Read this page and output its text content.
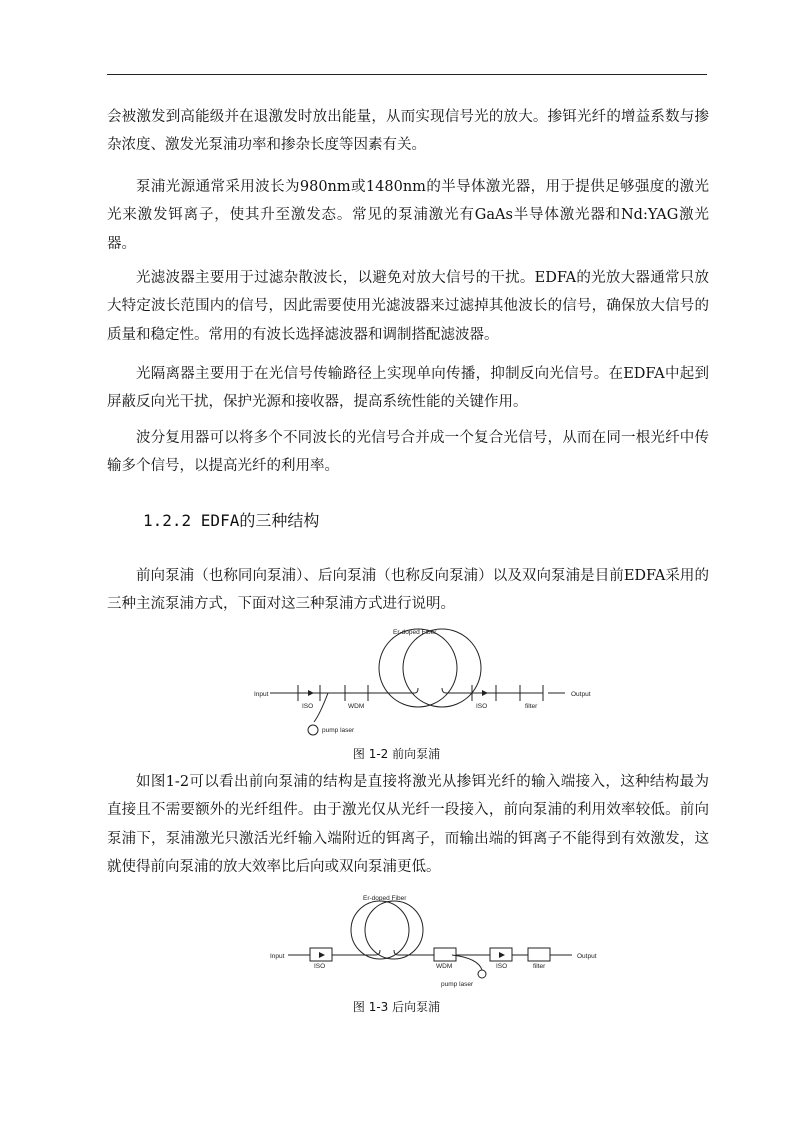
会被激发到高能级并在退激发时放出能量，从而实现信号光的放大。掺铒光纤的增益系数与掺杂浓度、激发光泵浦功率和掺杂长度等因素有关。

泵浦光源通常采用波长为980nm或1480nm的半导体激光器，用于提供足够强度的激光光来激发铒离子，使其升至激发态。常见的泵浦激光有GaAs半导体激光器和Nd:YAG激光器。

光滤波器主要用于过滤杂散波长，以避免对放大信号的干扰。EDFA的光放大器通常只放大特定波长范围内的信号，因此需要使用光滤波器来过滤掉其他波长的信号，确保放大信号的质量和稳定性。常用的有波长选择滤波器和调制搭配滤波器。

光隔离器主要用于在光信号传输路径上实现单向传播，抑制反向光信号。在EDFA中起到屏蔽反向光干扰，保护光源和接收器，提高系统性能的关键作用。

波分复用器可以将多个不同波长的光信号合并成一个复合光信号，从而在同一根光纤中传输多个信号，以提高光纤的利用率。

1.2.2 EDFA的三种结构

前向泵浦（也称同向泵浦）、后向泵浦（也称反向泵浦）以及双向泵浦是目前EDFA采用的三种主流泵浦方式，下面对这三种泵浦方式进行说明。

Er-doped Fiber
Input	Output
ISO	WDM	ISO	filter
pump laser
图 1-2 前向泵浦

如图1-2可以看出前向泵浦的结构是直接将激光从掺铒光纤的输入端接入，这种结构最为直接且不需要额外的光纤组件。由于激光仅从光纤一段接入，前向泵浦的利用效率较低。前向泵浦下，泵浦激光只激活光纤输入端附近的铒离子，而输出端的铒离子不能得到有效激发，这就使得前向泵浦的放大效率比后向或双向泵浦更低。

Er-doped Fiber
Input	Output
ISO	WDM	ISO	filter
pump laser
图 1-3 后向泵浦
